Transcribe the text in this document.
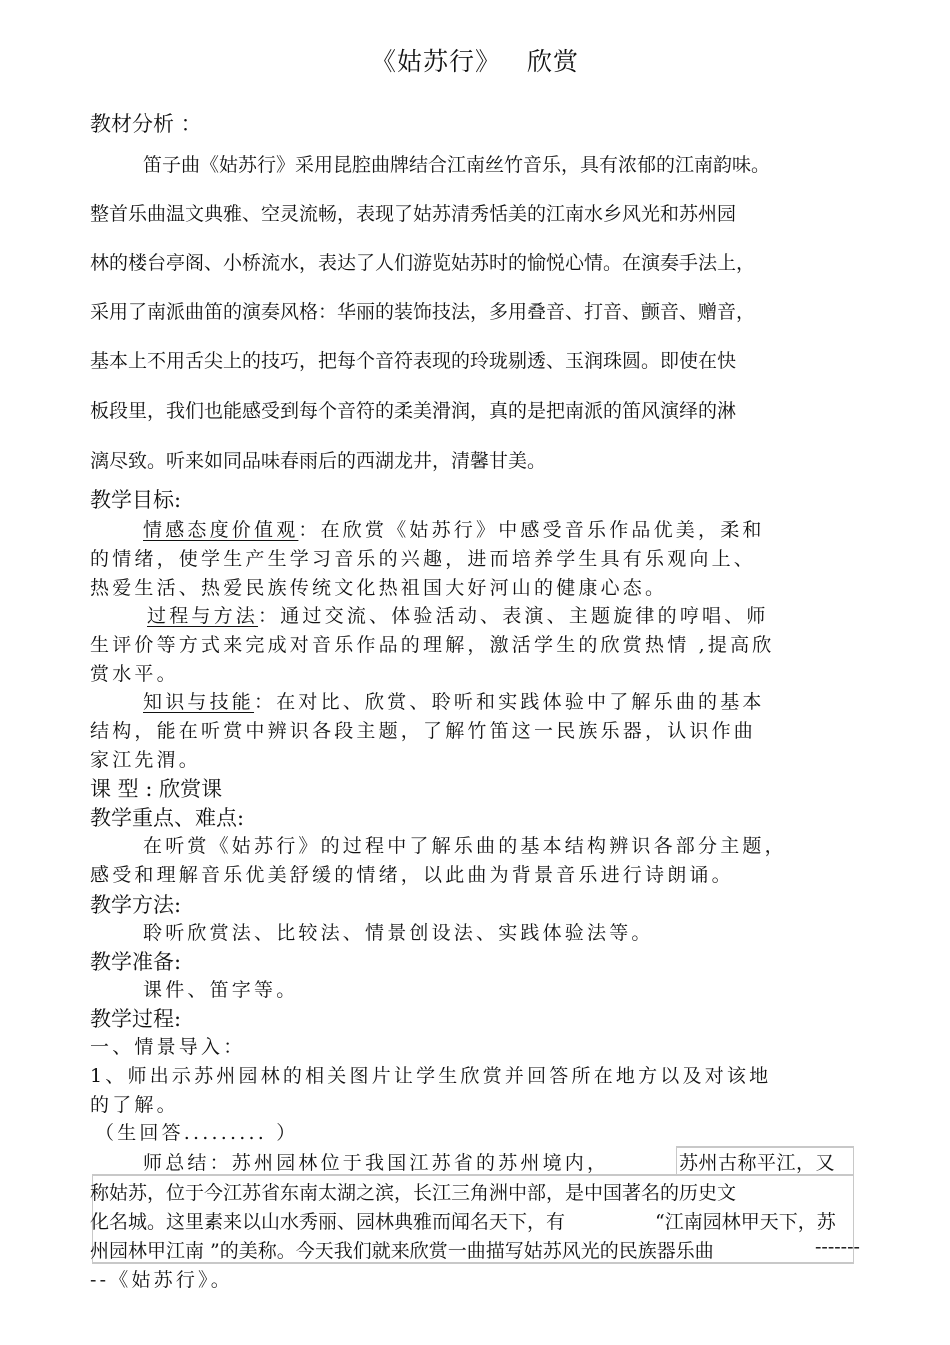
《姑苏行》 欣赏
教材分析 ：
笛子曲《姑苏行》采用昆腔曲牌结合江南丝竹音乐，具有浓郁的江南韵味。
整首乐曲温文典雅、空灵流畅，表现了姑苏清秀恬美的江南水乡风光和苏州园
林的楼台亭阁、小桥流水，表达了人们游览姑苏时的愉悦心情。在演奏手法上，
采用了南派曲笛的演奏风格：华丽的装饰技法，多用叠音、打音、颤音、赠音，
基本上不用舌尖上的技巧，把每个音符表现的玲珑剔透、玉润珠圆。即使在快
板段里，我们也能感受到每个音符的柔美滑润，真的是把南派的笛风演绎的淋
漓尽致。听来如同品味春雨后的西湖龙井，清馨甘美。
教学目标:
情感态度价值观：在欣赏《姑苏行》中感受音乐作品优美，柔和
的情绪，使学生产生学习音乐的兴趣，进而培养学生具有乐观向上、
热爱生活、热爱民族传统文化热祖国大好河山的健康心态。
过程与方法：通过交流、体验活动、表演、主题旋律的哼唱、师
生评价等方式来完成对音乐作品的理解，激活学生的欣赏热情 ,提高欣
赏水平。
知识与技能：在对比、欣赏、聆听和实践体验中了解乐曲的基本
结构，能在听赏中辨识各段主题，了解竹笛这一民族乐器，认识作曲
家江先渭。
课 型 : 欣赏课
教学重点、难点:
在听赏《姑苏行》的过程中了解乐曲的基本结构辨识各部分主题，
感受和理解音乐优美舒缓的情绪，以此曲为背景音乐进行诗朗诵。
教学方法:
聆听欣赏法、比较法、情景创设法、实践体验法等。
教学准备:
课件、笛字等。
教学过程:
一、情景导入：
1、师出示苏州园林的相关图片让学生欣赏并回答所在地方以及对该地
的了解。
（生回答......... ）
师总结：苏州园林位于我国江苏省的苏州境内，	苏州古称平江，又
称姑苏，位于今江苏省东南太湖之滨，长江三角洲中部，是中国著名的历史文
化名城。这里素来以山水秀丽、园林典雅而闻名天下，有	“江南园林甲天下，苏
州园林甲江南 ”的美称。今天我们就来欣赏一曲描写姑苏风光的民族器乐曲	-------
--《姑苏行》。
